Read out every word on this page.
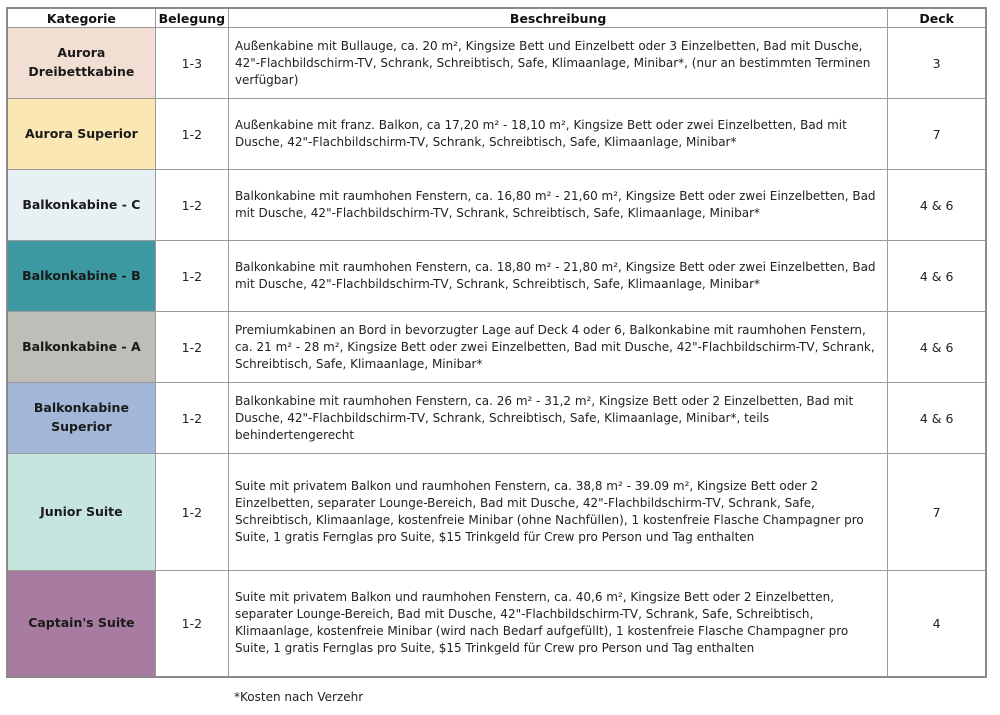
Kategorie	Belegung	Beschreibung	Deck
Aurora Dreibettkabine	1-3	Außenkabine mit Bullauge, ca. 20 m², Kingsize Bett und Einzelbett oder 3 Einzelbetten, Bad mit Dusche, 42"-Flachbildschirm-TV, Schrank, Schreibtisch, Safe, Klimaanlage, Minibar*, (nur an bestimmten Terminen verfügbar)	3
Aurora Superior	1-2	Außenkabine mit franz. Balkon, ca 17,20 m² - 18,10 m², Kingsize Bett oder zwei Einzelbetten, Bad mit Dusche, 42"-Flachbildschirm-TV, Schrank, Schreibtisch, Safe, Klimaanlage, Minibar*	7
Balkonkabine - C	1-2	Balkonkabine mit raumhohen Fenstern, ca. 16,80 m² - 21,60 m², Kingsize Bett oder zwei Einzelbetten, Bad mit Dusche, 42"-Flachbildschirm-TV, Schrank, Schreibtisch, Safe, Klimaanlage, Minibar*	4 & 6
Balkonkabine - B	1-2	Balkonkabine mit raumhohen Fenstern, ca. 18,80 m² - 21,80 m², Kingsize Bett oder zwei Einzelbetten, Bad mit Dusche, 42"-Flachbildschirm-TV, Schrank, Schreibtisch, Safe, Klimaanlage, Minibar*	4 & 6
Balkonkabine - A	1-2	Premiumkabinen an Bord in bevorzugter Lage auf Deck 4 oder 6, Balkonkabine mit raumhohen Fenstern, ca. 21 m² - 28 m², Kingsize Bett oder zwei Einzelbetten, Bad mit Dusche, 42"-Flachbildschirm-TV, Schrank, Schreibtisch, Safe, Klimaanlage, Minibar*	4 & 6
Balkonkabine Superior	1-2	Balkonkabine mit raumhohen Fenstern, ca. 26 m² - 31,2 m², Kingsize Bett oder 2 Einzelbetten, Bad mit Dusche, 42"-Flachbildschirm-TV, Schrank, Schreibtisch, Safe, Klimaanlage, Minibar*, teils behindertengerecht	4 & 6
Junior Suite	1-2	Suite mit privatem Balkon und raumhohen Fenstern, ca. 38,8 m² - 39.09 m², Kingsize Bett oder 2 Einzelbetten, separater Lounge-Bereich, Bad mit Dusche, 42"-Flachbildschirm-TV, Schrank, Safe, Schreibtisch, Klimaanlage, kostenfreie Minibar (ohne Nachfüllen), 1 kostenfreie Flasche Champagner pro Suite, 1 gratis Fernglas pro Suite, $15 Trinkgeld für Crew pro Person und Tag enthalten	7
Captain's Suite	1-2	Suite mit privatem Balkon und raumhohen Fenstern, ca. 40,6 m², Kingsize Bett oder 2 Einzelbetten, separater Lounge-Bereich, Bad mit Dusche, 42"-Flachbildschirm-TV, Schrank, Safe, Schreibtisch, Klimaanlage, kostenfreie Minibar (wird nach Bedarf aufgefüllt), 1 kostenfreie Flasche Champagner pro Suite, 1 gratis Fernglas pro Suite, $15 Trinkgeld für Crew pro Person und Tag enthalten	4
*Kosten nach Verzehr
